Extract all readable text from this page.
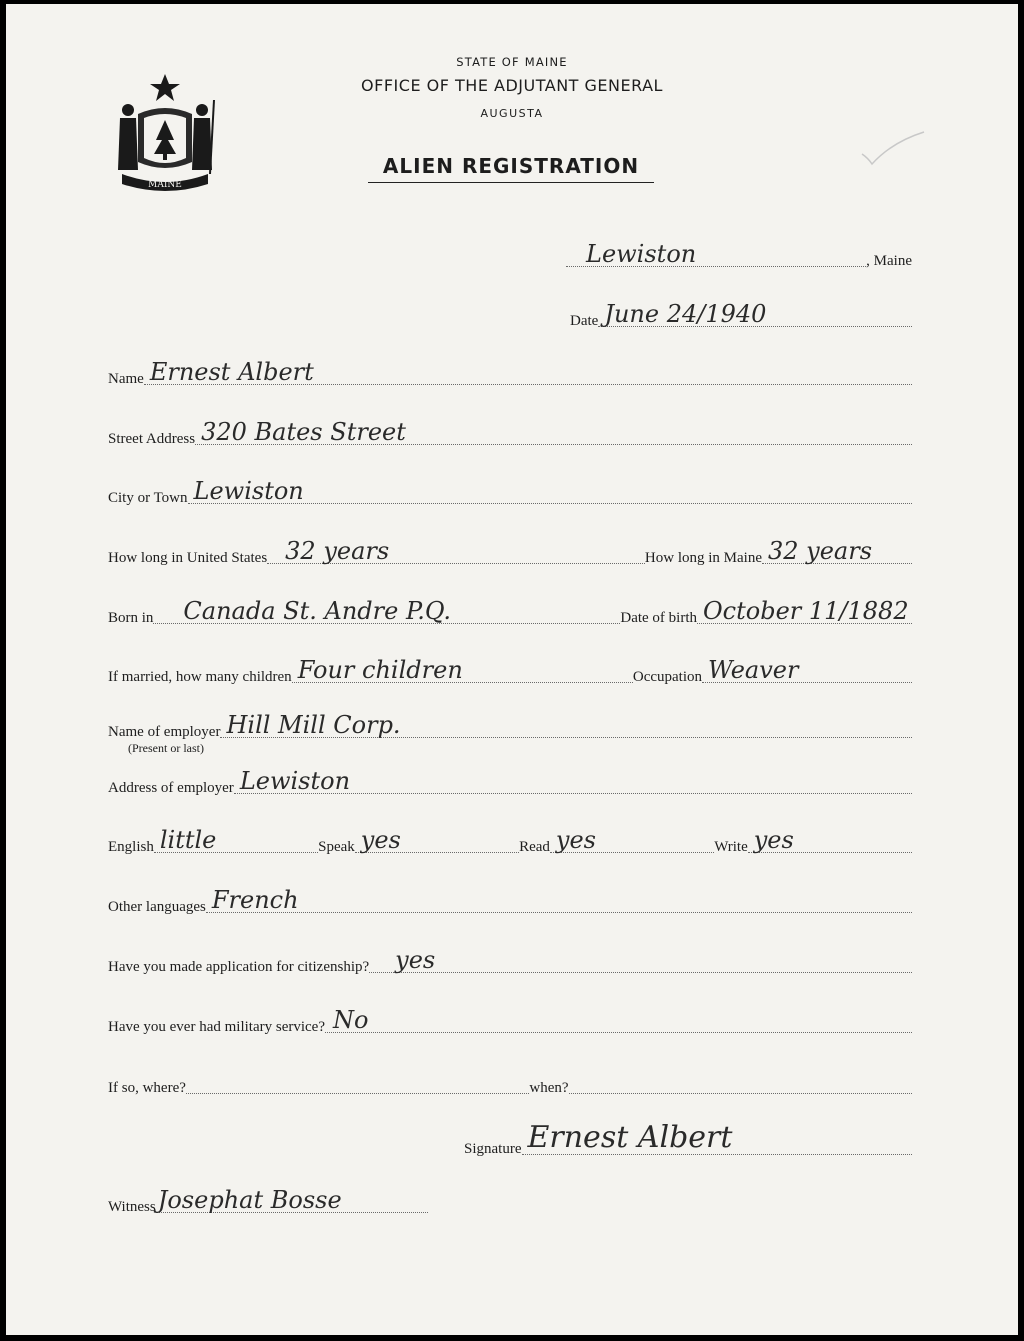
MAINE
STATE OF MAINE
OFFICE OF THE ADJUTANT GENERAL
AUGUSTA
ALIEN REGISTRATION
Lewiston	, Maine
Date June 24/1940
Name Ernest Albert
Street Address 320 Bates Street
City or Town Lewiston
How long in United States 32 years	How long in Maine 32 years
Born in Canada St. Andre P.Q.	Date of birth October 11/1882
If married, how many children Four children	Occupation Weaver
Name of employer Hill Mill Corp.
(Present or last)
Address of employer Lewiston
English little	Speak yes	Read yes	Write yes
Other languages French
Have you made application for citizenship? yes
Have you ever had military service? No
If so, where?	when?
Signature Ernest Albert
Witness Josephat Bosse
